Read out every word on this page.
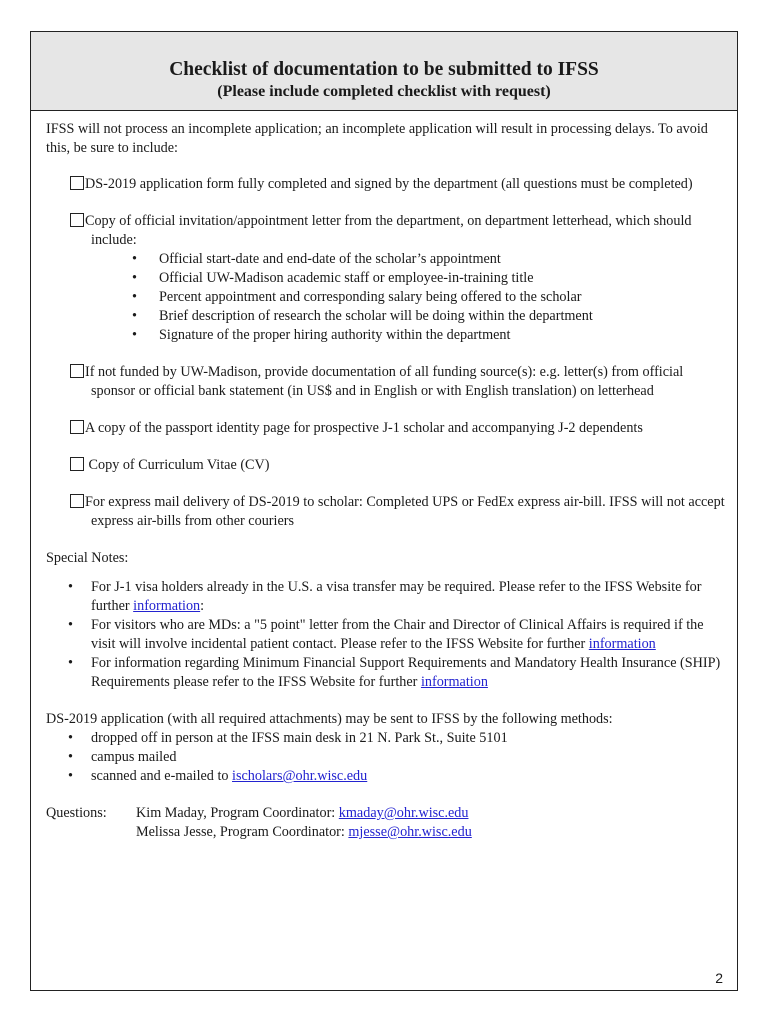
Checklist of documentation to be submitted to IFSS
(Please include completed checklist with request)

IFSS will not process an incomplete application; an incomplete application will result in processing delays. To avoid this, be sure to include:

DS-2019 application form fully completed and signed by the department (all questions must be completed)
Copy of official invitation/appointment letter from the department, on department letterhead, which should include:
• Official start-date and end-date of the scholar’s appointment
• Official UW-Madison academic staff or employee-in-training title
• Percent appointment and corresponding salary being offered to the scholar
• Brief description of research the scholar will be doing within the department
• Signature of the proper hiring authority within the department
If not funded by UW-Madison, provide documentation of all funding source(s): e.g. letter(s) from official sponsor or official bank statement (in US$ and in English or with English translation) on letterhead
A copy of the passport identity page for prospective J-1 scholar and accompanying J-2 dependents
Copy of Curriculum Vitae (CV)
For express mail delivery of DS-2019 to scholar: Completed UPS or FedEx express air-bill. IFSS will not accept express air-bills from other couriers
Special Notes:
• For J-1 visa holders already in the U.S. a visa transfer may be required. Please refer to the IFSS Website for further information:
• For visitors who are MDs: a "5 point" letter from the Chair and Director of Clinical Affairs is required if the visit will involve incidental patient contact. Please refer to the IFSS Website for further information
• For information regarding Minimum Financial Support Requirements and Mandatory Health Insurance (SHIP) Requirements please refer to the IFSS Website for further information
DS-2019 application (with all required attachments) may be sent to IFSS by the following methods:
• dropped off in person at the IFSS main desk in 21 N. Park St., Suite 5101
• campus mailed
• scanned and e-mailed to ischolars@ohr.wisc.edu
Questions:	Kim Maday, Program Coordinator: kmaday@ohr.wisc.edu
Melissa Jesse, Program Coordinator: mjesse@ohr.wisc.edu
2
